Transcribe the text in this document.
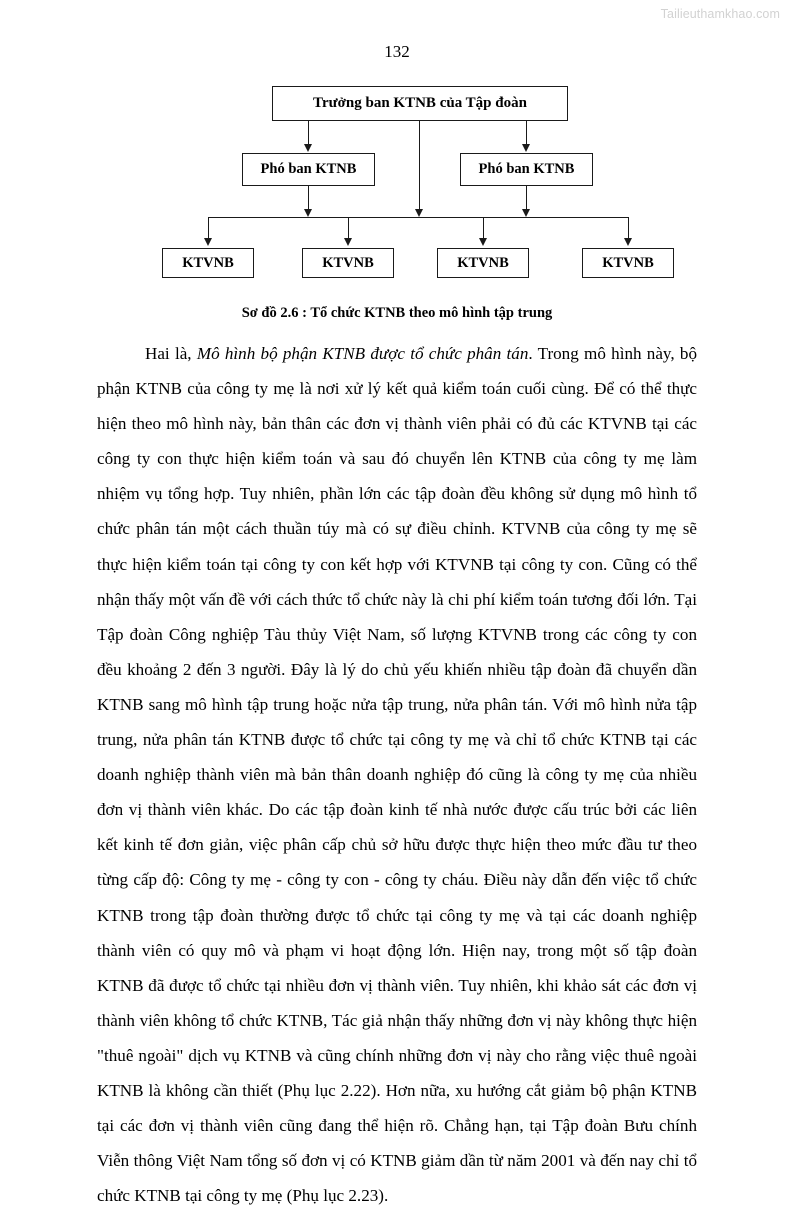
Tailieuthamkhao.com
132
Trưởng ban KTNB của Tập đoàn
Phó ban KTNB	Phó ban KTNB
KTVNB	KTVNB	KTVNB	KTVNB
Sơ đồ 2.6 : Tổ chức KTNB theo mô hình tập trung

Hai là, Mô hình bộ phận KTNB được tổ chức phân tán. Trong mô hình này, bộ phận KTNB của công ty mẹ là nơi xử lý kết quả kiểm toán cuối cùng. Để có thể thực hiện theo mô hình này, bản thân các đơn vị thành viên phải có đủ các KTVNB tại các công ty con thực hiện kiểm toán và sau đó chuyển lên KTNB của công ty mẹ làm nhiệm vụ tổng hợp. Tuy nhiên, phần lớn các tập đoàn đều không sử dụng mô hình tổ chức phân tán một cách thuần túy mà có sự điều chỉnh. KTVNB của công ty mẹ sẽ thực hiện kiểm toán tại công ty con kết hợp với KTVNB tại công ty con. Cũng có thể nhận thấy một vấn đề với cách thức tổ chức này là chi phí kiểm toán tương đối lớn. Tại Tập đoàn Công nghiệp Tàu thủy Việt Nam, số lượng KTVNB trong các công ty con đều khoảng 2 đến 3 người. Đây là lý do chủ yếu khiến nhiều tập đoàn đã chuyển dần KTNB sang mô hình tập trung hoặc nửa tập trung, nửa phân tán. Với mô hình nửa tập trung, nửa phân tán KTNB được tổ chức tại công ty mẹ và chỉ tổ chức KTNB tại các doanh nghiệp thành viên mà bản thân doanh nghiệp đó cũng là công ty mẹ của nhiều đơn vị thành viên khác. Do các tập đoàn kinh tế nhà nước được cấu trúc bởi các liên kết kinh tế đơn giản, việc phân cấp chủ sở hữu được thực hiện theo mức đầu tư theo từng cấp độ: Công ty mẹ - công ty con - công ty cháu. Điều này dẫn đến việc tổ chức KTNB trong tập đoàn thường được tổ chức tại công ty mẹ và tại các doanh nghiệp thành viên có quy mô và phạm vi hoạt động lớn. Hiện nay, trong một số tập đoàn KTNB đã được tổ chức tại nhiều đơn vị thành viên. Tuy nhiên, khi khảo sát các đơn vị thành viên không tổ chức KTNB, Tác giả nhận thấy những đơn vị này không thực hiện "thuê ngoài" dịch vụ KTNB và cũng chính những đơn vị này cho rằng việc thuê ngoài KTNB là không cần thiết (Phụ lục 2.22). Hơn nữa, xu hướng cắt giảm bộ phận KTNB tại các đơn vị thành viên cũng đang thể hiện rõ. Chẳng hạn, tại Tập đoàn Bưu chính Viễn thông Việt Nam tổng số đơn vị có KTNB giảm dần từ năm 2001 và đến nay chỉ tổ chức KTNB tại công ty mẹ (Phụ lục 2.23).
